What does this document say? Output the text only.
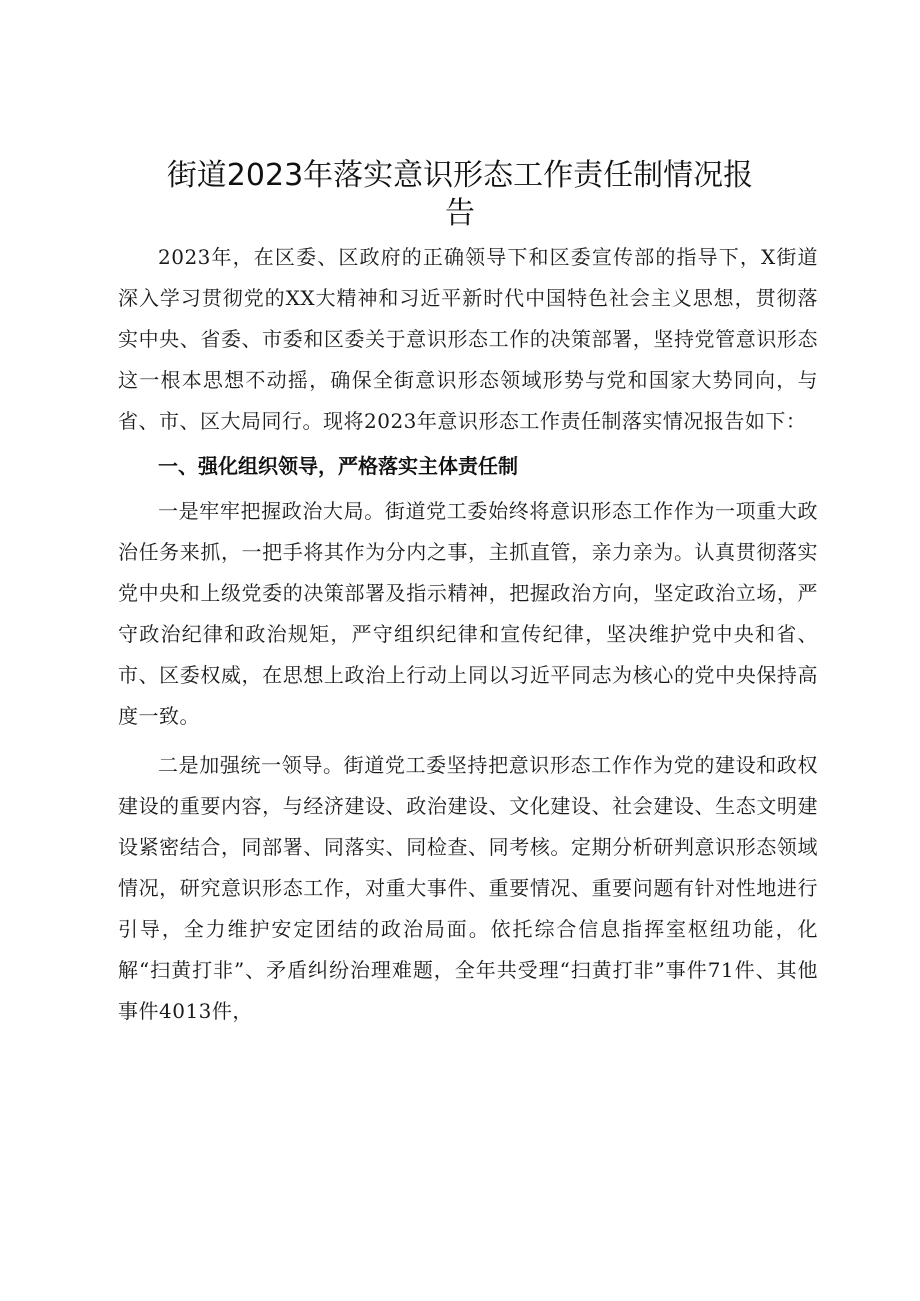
街道2023年落实意识形态工作责任制情况报
告

2023年，在区委、区政府的正确领导下和区委宣传部的指导下，X街道深入学习贯彻党的XX大精神和习近平新时代中国特色社会主义思想，贯彻落实中央、省委、市委和区委关于意识形态工作的决策部署，坚持党管意识形态这一根本思想不动摇，确保全街意识形态领域形势与党和国家大势同向，与省、市、区大局同行。现将2023年意识形态工作责任制落实情况报告如下：

一、强化组织领导，严格落实主体责任制

一是牢牢把握政治大局。街道党工委始终将意识形态工作作为一项重大政治任务来抓，一把手将其作为分内之事，主抓直管，亲力亲为。认真贯彻落实党中央和上级党委的决策部署及指示精神，把握政治方向，坚定政治立场，严守政治纪律和政治规矩，严守组织纪律和宣传纪律，坚决维护党中央和省、市、区委权威，在思想上政治上行动上同以习近平同志为核心的党中央保持高度一致。

二是加强统一领导。街道党工委坚持把意识形态工作作为党的建设和政权建设的重要内容，与经济建设、政治建设、文化建设、社会建设、生态文明建设紧密结合，同部署、同落实、同检查、同考核。定期分析研判意识形态领域情况，研究意识形态工作，对重大事件、重要情况、重要问题有针对性地进行引导，全力维护安定团结的政治局面。依托综合信息指挥室枢纽功能，化解“扫黄打非”、矛盾纠纷治理难题，全年共受理“扫黄打非”事件71件、其他事件4013件，
